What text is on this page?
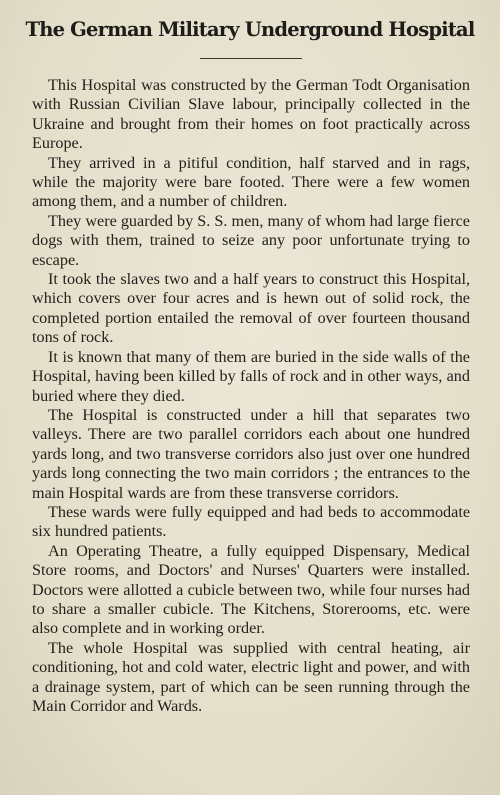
The German Military Underground Hospital

This Hospital was constructed by the German Todt Organisation with Russian Civilian Slave labour, principally collected in the Ukraine and brought from their homes on foot practically across Europe.

They arrived in a pitiful condition, half starved and in rags, while the majority were bare footed. There were a few women among them, and a number of children.

They were guarded by S. S. men, many of whom had large fierce dogs with them, trained to seize any poor unfortunate trying to escape.

It took the slaves two and a half years to construct this Hospital, which covers over four acres and is hewn out of solid rock, the completed portion entailed the removal of over fourteen thousand tons of rock.

It is known that many of them are buried in the side walls of the Hospital, having been killed by falls of rock and in other ways, and buried where they died.

The Hospital is constructed under a hill that separates two valleys. There are two parallel corridors each about one hundred yards long, and two transverse corridors also just over one hundred yards long connecting the two main corridors ; the entrances to the main Hospital wards are from these transverse corridors.

These wards were fully equipped and had beds to accommodate six hundred patients.

An Operating Theatre, a fully equipped Dispensary, Medical Store rooms, and Doctors' and Nurses' Quarters were installed. Doctors were allotted a cubicle between two, while four nurses had to share a smaller cubicle. The Kitchens, Storerooms, etc. were also complete and in working order.

The whole Hospital was supplied with central heating, air conditioning, hot and cold water, electric light and power, and with a drainage system, part of which can be seen running through the Main Corridor and Wards.
